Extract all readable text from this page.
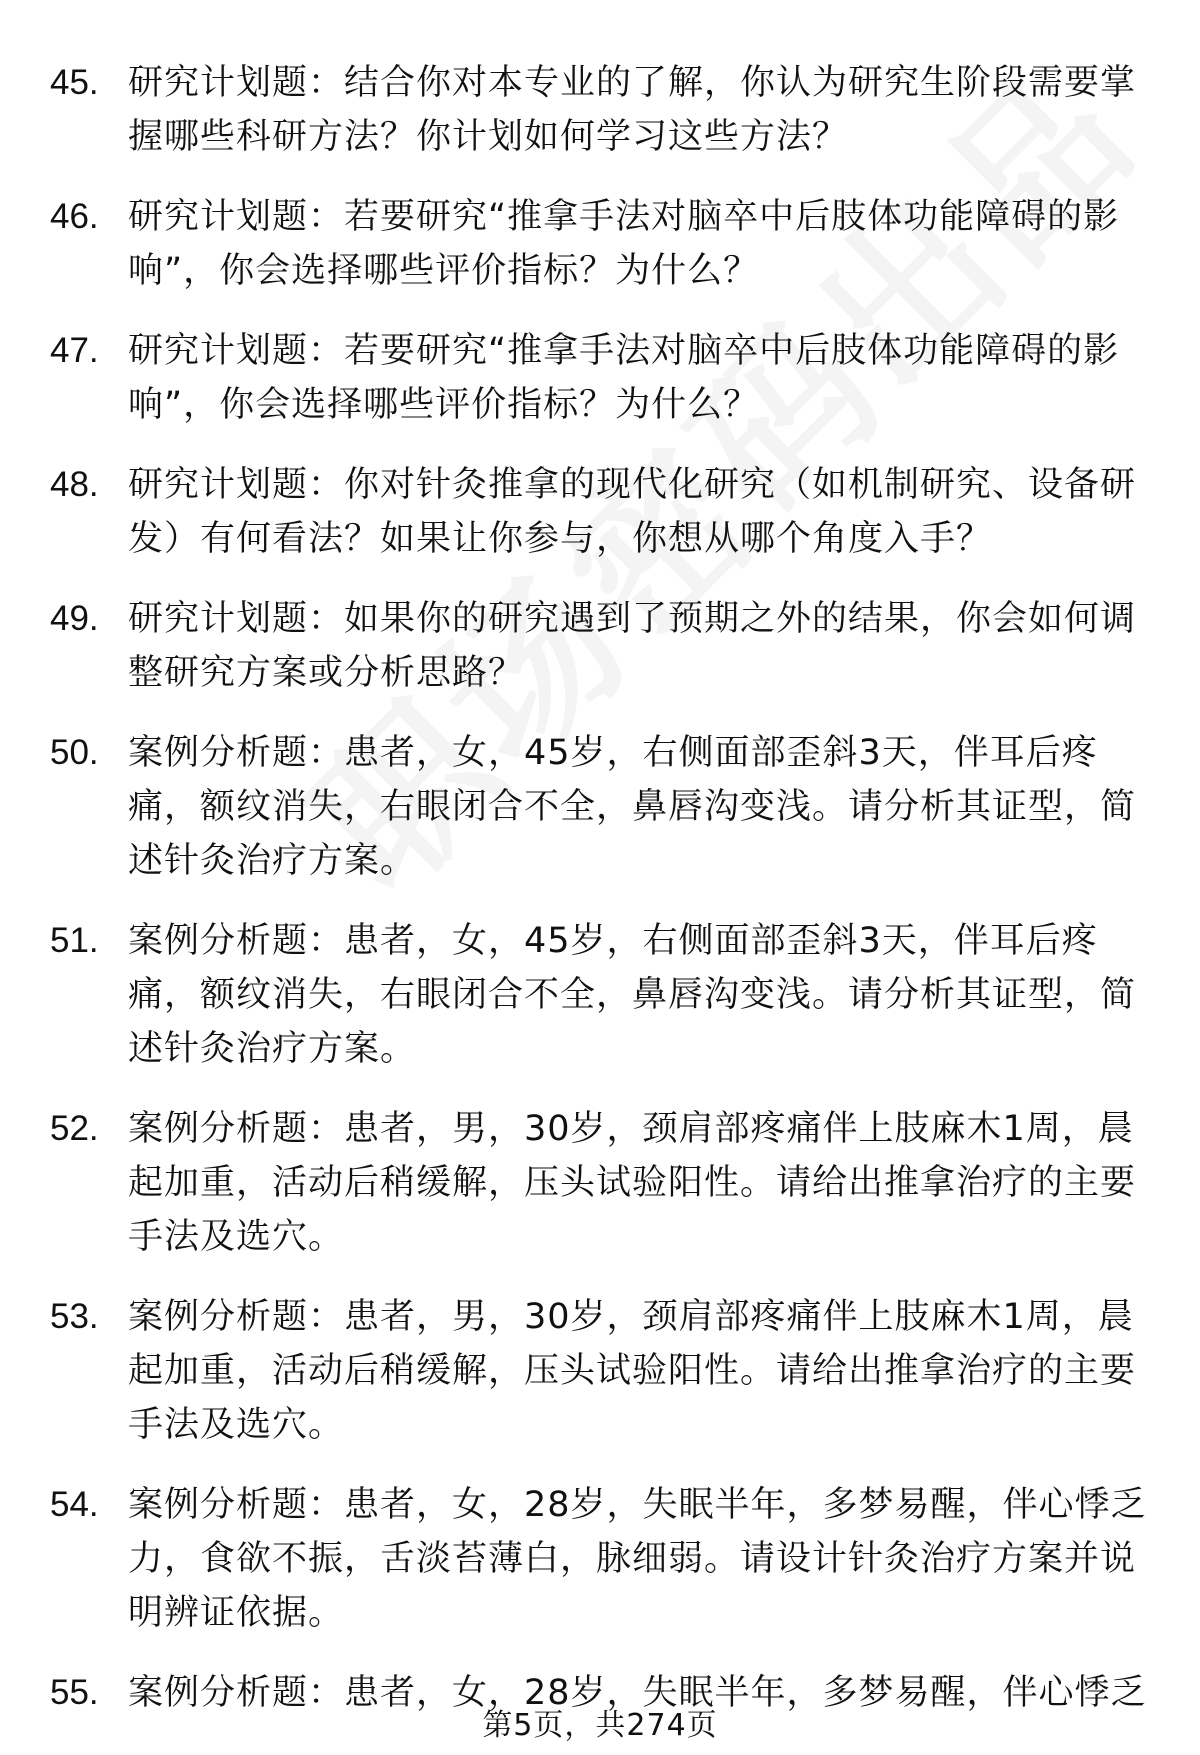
45. 研究计划题：结合你对本专业的了解，你认为研究生阶段需要掌握哪些科研方法？你计划如何学习这些方法？
46. 研究计划题：若要研究“推拿手法对脑卒中后肢体功能障碍的影响”，你会选择哪些评价指标？为什么？
47. 研究计划题：若要研究“推拿手法对脑卒中后肢体功能障碍的影响”，你会选择哪些评价指标？为什么？
48. 研究计划题：你对针灸推拿的现代化研究（如机制研究、设备研发）有何看法？如果让你参与，你想从哪个角度入手？
49. 研究计划题：如果你的研究遇到了预期之外的结果，你会如何调整研究方案或分析思路？
50. 案例分析题：患者，女，45岁，右侧面部歪斜3天，伴耳后疼痛，额纹消失，右眼闭合不全，鼻唇沟变浅。请分析其证型，简述针灸治疗方案。
51. 案例分析题：患者，女，45岁，右侧面部歪斜3天，伴耳后疼痛，额纹消失，右眼闭合不全，鼻唇沟变浅。请分析其证型，简述针灸治疗方案。
52. 案例分析题：患者，男，30岁，颈肩部疼痛伴上肢麻木1周，晨起加重，活动后稍缓解，压头试验阳性。请给出推拿治疗的主要手法及选穴。
53. 案例分析题：患者，男，30岁，颈肩部疼痛伴上肢麻木1周，晨起加重，活动后稍缓解，压头试验阳性。请给出推拿治疗的主要手法及选穴。
54. 案例分析题：患者，女，28岁，失眠半年，多梦易醒，伴心悸乏力，食欲不振，舌淡苔薄白，脉细弱。请设计针灸治疗方案并说明辨证依据。
55. 案例分析题：患者，女，28岁，失眠半年，多梦易醒，伴心悸乏
第5页，共274页
